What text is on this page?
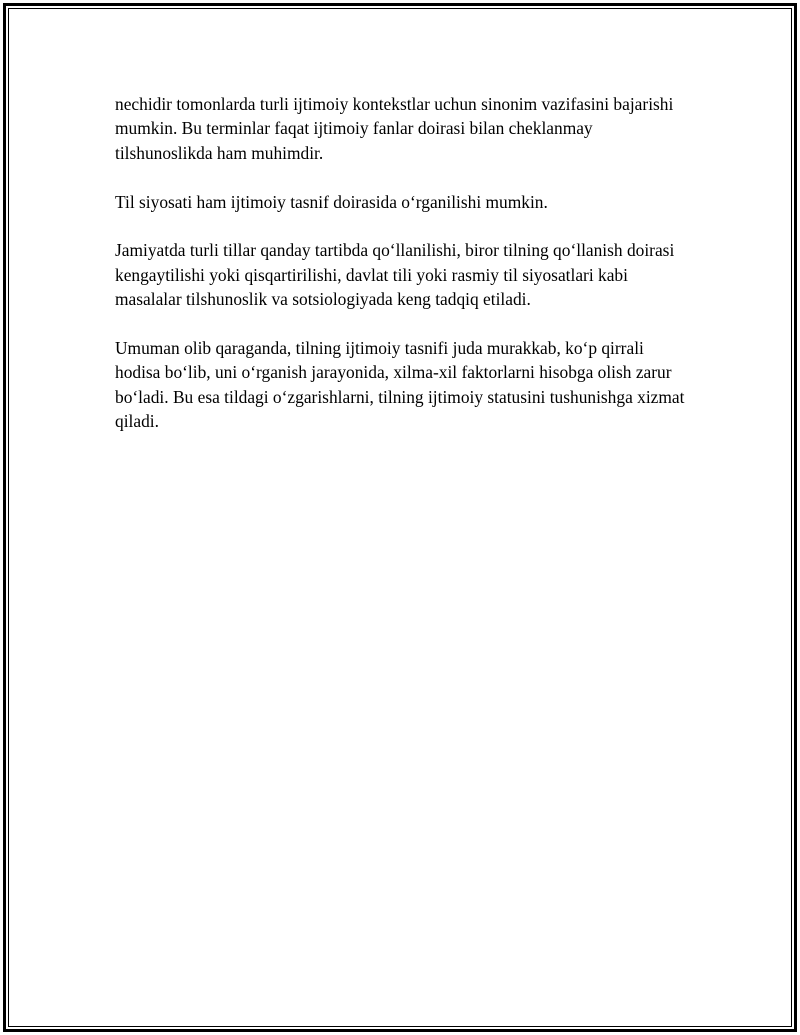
nechidir tomonlarda turli ijtimoiy kontekstlar uchun sinonim vazifasini bajarishi mumkin. Bu terminlar faqat ijtimoiy fanlar doirasi bilan cheklanmay tilshunoslikda ham muhimdir.

Til siyosati ham ijtimoiy tasnif doirasida o‘rganilishi mumkin.

Jamiyatda turli tillar qanday tartibda qo‘llanilishi, biror tilning qo‘llanish doirasi kengaytilishi yoki qisqartirilishi, davlat tili yoki rasmiy til siyosatlari kabi masalalar tilshunoslik va sotsiologiyada keng tadqiq etiladi.

Umuman olib qaraganda, tilning ijtimoiy tasnifi juda murakkab, ko‘p qirrali hodisa bo‘lib, uni o‘rganish jarayonida, xilma-xil faktorlarni hisobga olish zarur bo‘ladi. Bu esa tildagi o‘zgarishlarni, tilning ijtimoiy statusini tushunishga xizmat qiladi.
